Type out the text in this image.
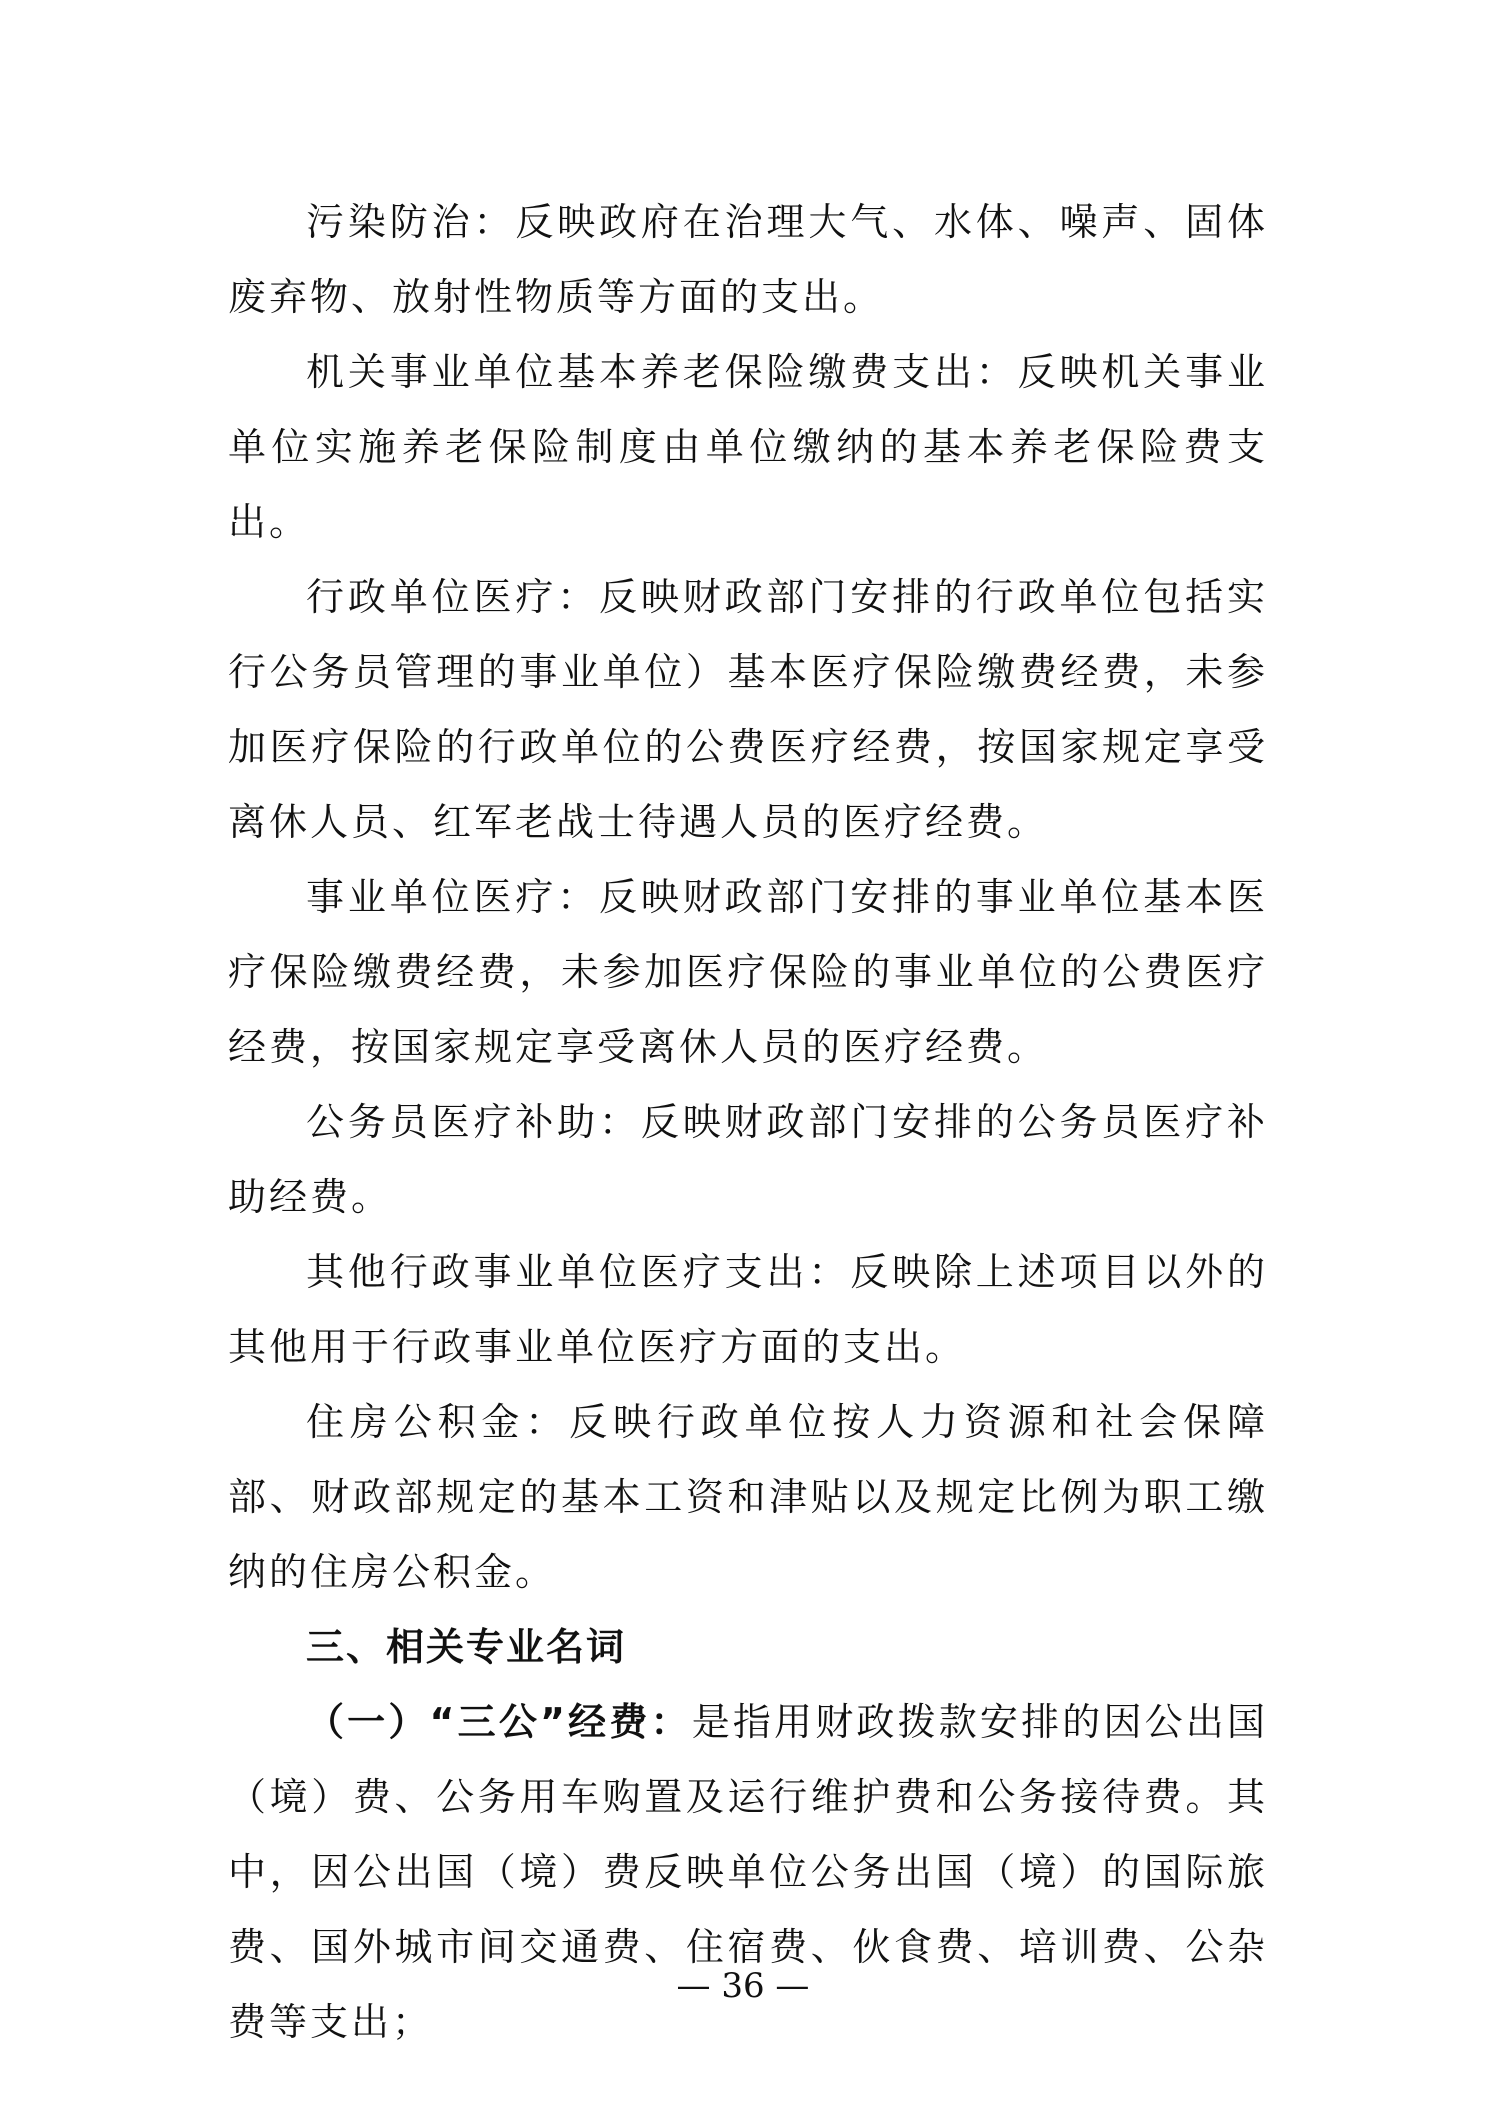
污染防治：反映政府在治理大气、水体、噪声、固体废弃物、放射性物质等方面的支出。

机关事业单位基本养老保险缴费支出：反映机关事业单位实施养老保险制度由单位缴纳的基本养老保险费支出。

行政单位医疗：反映财政部门安排的行政单位包括实行公务员管理的事业单位）基本医疗保险缴费经费，未参加医疗保险的行政单位的公费医疗经费，按国家规定享受离休人员、红军老战士待遇人员的医疗经费。

事业单位医疗：反映财政部门安排的事业单位基本医疗保险缴费经费，未参加医疗保险的事业单位的公费医疗经费，按国家规定享受离休人员的医疗经费。

公务员医疗补助：反映财政部门安排的公务员医疗补助经费。

其他行政事业单位医疗支出：反映除上述项目以外的其他用于行政事业单位医疗方面的支出。

住房公积金：反映行政单位按人力资源和社会保障部、财政部规定的基本工资和津贴以及规定比例为职工缴纳的住房公积金。

三、相关专业名词

（一）“三公”经费：是指用财政拨款安排的因公出国（境）费、公务用车购置及运行维护费和公务接待费。其中，因公出国（境）费反映单位公务出国（境）的国际旅费、国外城市间交通费、住宿费、伙食费、培训费、公杂费等支出；

— 36 —
